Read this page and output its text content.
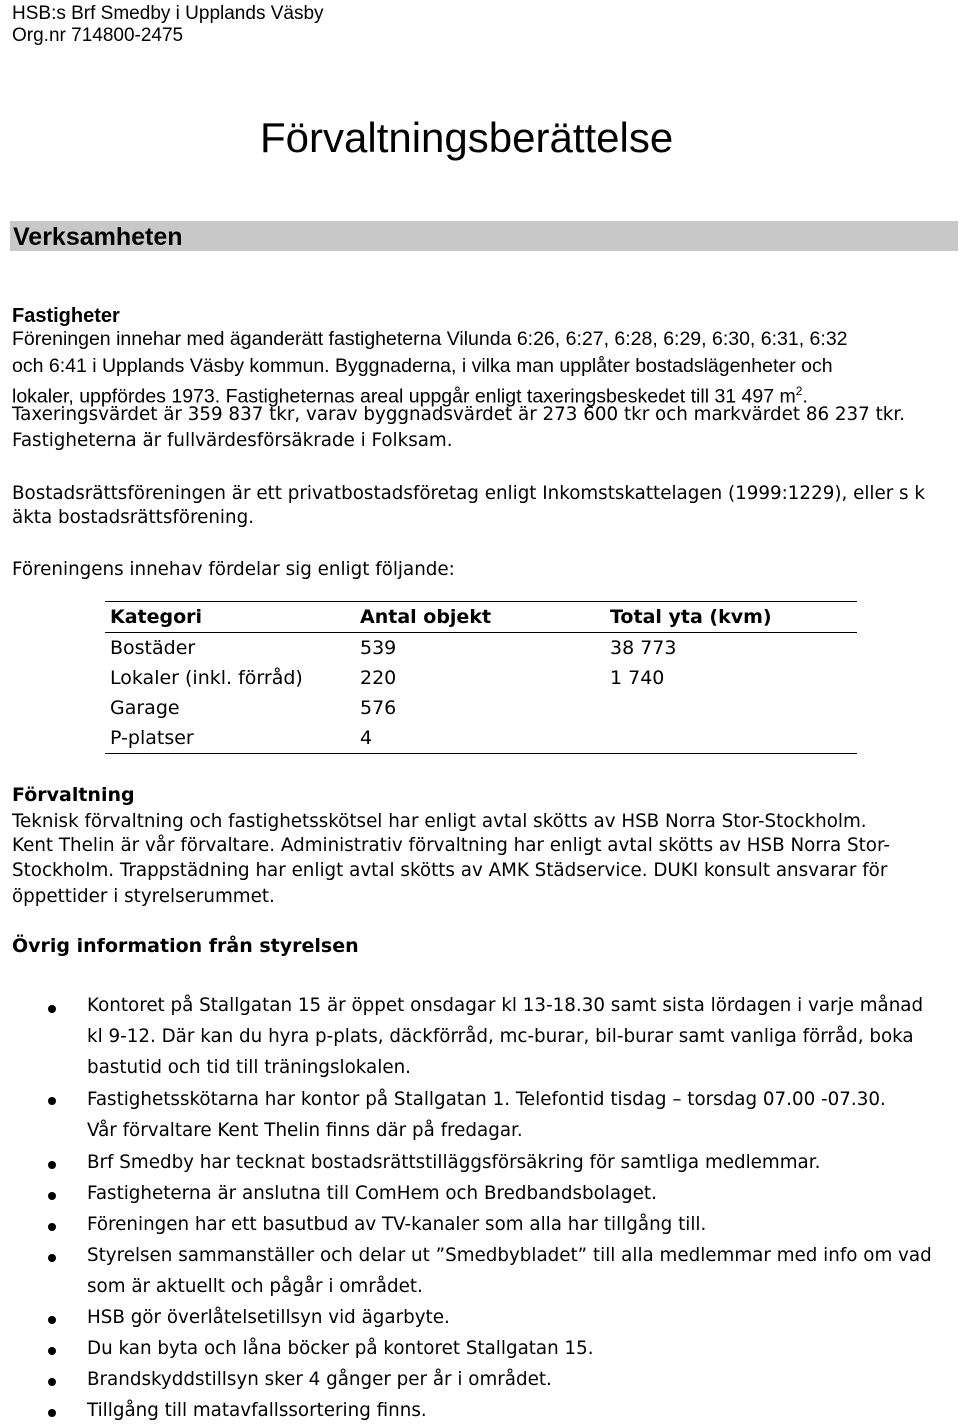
HSB:s Brf Smedby i Upplands Väsby
Org.nr 714800-2475
Förvaltningsberättelse
Verksamheten
Fastigheter
Föreningen innehar med äganderätt fastigheterna Vilunda 6:26, 6:27, 6:28, 6:29, 6:30, 6:31, 6:32
och 6:41 i Upplands Väsby kommun. Byggnaderna, i vilka man upplåter bostadslägenheter och
lokaler, uppfördes 1973. Fastigheternas areal uppgår enligt taxeringsbeskedet till 31 497 $m^2$.
Taxeringsvärdet är 359 837 tkr, varav byggnadsvärdet är 273 600 tkr och markvärdet 86 237 tkr.
Fastigheterna är fullvärdesförsäkrade i Folksam.
Bostadsrättsföreningen är ett privatbostadsföretag enligt Inkomstskattelagen (1999:1229), eller s k
äkta bostadsrättsförening.
Föreningens innehav fördelar sig enligt följande:
Kategori	Antal objekt	Total yta (kvm)
Bostäder	539	38 773
Lokaler (inkl. förråd)	220	1 740
Garage	576	
P-platser	4	
Förvaltning
Teknisk förvaltning och fastighetsskötsel har enligt avtal skötts av HSB Norra Stor-Stockholm.
Kent Thelin är vår förvaltare. Administrativ förvaltning har enligt avtal skötts av HSB Norra Stor-
Stockholm. Trappstädning har enligt avtal skötts av AMK Städservice. DUKI konsult ansvarar för
öppettider i styrelserummet.
Övrig information från styrelsen
Kontoret på Stallgatan 15 är öppet onsdagar kl 13-18.30 samt sista lördagen i varje månad
kl 9-12. Där kan du hyra p-plats, däckförråd, mc-burar, bil-burar samt vanliga förråd, boka
bastutid och tid till träningslokalen.
Fastighetsskötarna har kontor på Stallgatan 1. Telefontid tisdag – torsdag 07.00 -07.30.
Vår förvaltare Kent Thelin finns där på fredagar.
Brf Smedby har tecknat bostadsrättstilläggsförsäkring för samtliga medlemmar.
Fastigheterna är anslutna till ComHem och Bredbandsbolaget.
Föreningen har ett basutbud av TV-kanaler som alla har tillgång till.
Styrelsen sammanställer och delar ut ”Smedbybladet” till alla medlemmar med info om vad
som är aktuellt och pågår i området.
HSB gör överlåtelsetillsyn vid ägarbyte.
Du kan byta och låna böcker på kontoret Stallgatan 15.
Brandskyddstillsyn sker 4 gånger per år i området.
Tillgång till matavfallssortering finns.
